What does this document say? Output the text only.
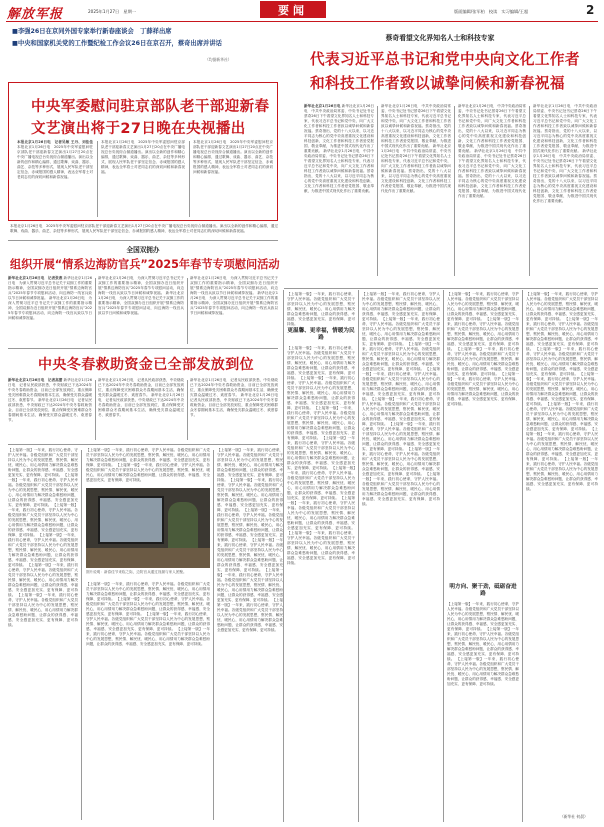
解放军报	2025年1月27日　星期一	要闻	版面编辑/张军柏　校读　实习编辑/王超	2
■李强26日在京同外国专家举行新春座谈会　丁薛祥出席
■中央和国家机关党的工作暨纪检工作会议26日在京召开，蔡奇出席并讲话
（均据新华社）
中央军委慰问驻京部队老干部迎新春
文艺演出将于27日晚在央视播出
本报北京1月26日电　记者吴敏 王丹、刘佳佳 本报北京1月26日电　2025年中央军委慰问驻京部队老干部迎新春文艺演出1月27日20点在中央广播电视总台央视综合频道播出。演出以全新的创作和精心编排，通过歌舞、戏曲、器乐、曲艺、杂技等多种形式，展现人民军队老干部坚定信念、赤诚报国的感人精神，表达全军将士对老同志们的深切问候和新春祝福。
本报北京1月26日电　2025年中央军委慰问驻京部队老干部迎新春文艺演出1月27日20点在中央广播电视总台央视综合频道播出。演出以全新的创作和精心编排，通过歌舞、戏曲、器乐、曲艺、杂技等多种形式，展现人民军队老干部坚定信念、赤诚报国的感人精神，表达全军将士对老同志们的深切问候和新春祝福。
本报北京1月26日电　2025年中央军委慰问驻京部队老干部迎新春文艺演出1月27日20点在中央广播电视总台央视综合频道播出。演出以全新的创作和精心编排，通过歌舞、戏曲、器乐、曲艺、杂技等多种形式，展现人民军队老干部坚定信念、赤诚报国的感人精神，表达全军将士对老同志们的深切问候和新春祝福。
蔡奇看望文化界知名人士和科技专家
代表习近平总书记和党中央向文化工作者
和科技工作者致以诚挚问候和新春祝福
新华社北京1月26日电 新华社北京1月26日电　中共中央政治局常委、中央书记处书记蔡奇26日下午看望文化界知名人士和科技专家，代表习近平总书记和党中央，向广大文化工作者和科技工作者致以诚挚问候和新春祝福。蔡奇指出，党的十八大以来，以习近平同志为核心的党中央高度重视文化建设和科技创新，文化工作者和科技工作者爱党报国、敬业奉献，为推进中国式现代化作出了重要贡献。 新华社北京1月26日电　中共中央政治局常委、中央书记处书记蔡奇26日下午看望文化界知名人士和科技专家，代表习近平总书记和党中央，向广大文化工作者和科技工作者致以诚挚问候和新春祝福。蔡奇指出，党的十八大以来，以习近平同志为核心的党中央高度重视文化建设和科技创新，文化工作者和科技工作者爱党报国、敬业奉献，为推进中国式现代化作出了重要贡献。
新华社北京1月26日电　中共中央政治局常委、中央书记处书记蔡奇26日下午看望文化界知名人士和科技专家，代表习近平总书记和党中央，向广大文化工作者和科技工作者致以诚挚问候和新春祝福。蔡奇指出，党的十八大以来，以习近平同志为核心的党中央高度重视文化建设和科技创新，文化工作者和科技工作者爱党报国、敬业奉献，为推进中国式现代化作出了重要贡献。 新华社北京1月26日电　中共中央政治局常委、中央书记处书记蔡奇26日下午看望文化界知名人士和科技专家，代表习近平总书记和党中央，向广大文化工作者和科技工作者致以诚挚问候和新春祝福。蔡奇指出，党的十八大以来，以习近平同志为核心的党中央高度重视文化建设和科技创新，文化工作者和科技工作者爱党报国、敬业奉献，为推进中国式现代化作出了重要贡献。
新华社北京1月26日电　中共中央政治局常委、中央书记处书记蔡奇26日下午看望文化界知名人士和科技专家，代表习近平总书记和党中央，向广大文化工作者和科技工作者致以诚挚问候和新春祝福。蔡奇指出，党的十八大以来，以习近平同志为核心的党中央高度重视文化建设和科技创新，文化工作者和科技工作者爱党报国、敬业奉献，为推进中国式现代化作出了重要贡献。 新华社北京1月26日电　中共中央政治局常委、中央书记处书记蔡奇26日下午看望文化界知名人士和科技专家，代表习近平总书记和党中央，向广大文化工作者和科技工作者致以诚挚问候和新春祝福。蔡奇指出，党的十八大以来，以习近平同志为核心的党中央高度重视文化建设和科技创新，文化工作者和科技工作者爱党报国、敬业奉献，为推进中国式现代化作出了重要贡献。
新华社北京1月26日电　中共中央政治局常委、中央书记处书记蔡奇26日下午看望文化界知名人士和科技专家，代表习近平总书记和党中央，向广大文化工作者和科技工作者致以诚挚问候和新春祝福。蔡奇指出，党的十八大以来，以习近平同志为核心的党中央高度重视文化建设和科技创新，文化工作者和科技工作者爱党报国、敬业奉献，为推进中国式现代化作出了重要贡献。 新华社北京1月26日电　中共中央政治局常委、中央书记处书记蔡奇26日下午看望文化界知名人士和科技专家，代表习近平总书记和党中央，向广大文化工作者和科技工作者致以诚挚问候和新春祝福。蔡奇指出，党的十八大以来，以习近平同志为核心的党中央高度重视文化建设和科技创新，文化工作者和科技工作者爱党报国、敬业奉献，为推进中国式现代化作出了重要贡献。
本报北京1月26日电　2025年中央军委慰问驻京部队老干部迎新春文艺演出1月27日20点在中央广播电视总台央视综合频道播出。演出以全新的创作和精心编排，通过歌舞、戏曲、器乐、曲艺、杂技等多种形式，展现人民军队老干部坚定信念、赤诚报国的感人精神，表达全军将士对老同志们的深切问候和新春祝福。
全国双拥办
组织开展“情系边海防官兵”2025年春节专项慰问活动
新华社北京1月26日电　记者张燕 新华社北京1月26日电　为深入贯彻习近平总书记关于双拥工作的重要指示精神，全国双拥办近日组织开展“情系边海防官兵”2025年春节专项慰问活动，向边海防一线官兵致以节日问候和诚挚祝福。 新华社北京1月26日电　为深入贯彻习近平总书记关于双拥工作的重要指示精神，全国双拥办近日组织开展“情系边海防官兵”2025年春节专项慰问活动，向边海防一线官兵致以节日问候和诚挚祝福。
新华社北京1月26日电　为深入贯彻习近平总书记关于双拥工作的重要指示精神，全国双拥办近日组织开展“情系边海防官兵”2025年春节专项慰问活动，向边海防一线官兵致以节日问候和诚挚祝福。 新华社北京1月26日电　为深入贯彻习近平总书记关于双拥工作的重要指示精神，全国双拥办近日组织开展“情系边海防官兵”2025年春节专项慰问活动，向边海防一线官兵致以节日问候和诚挚祝福。
新华社北京1月26日电　为深入贯彻习近平总书记关于双拥工作的重要指示精神，全国双拥办近日组织开展“情系边海防官兵”2025年春节专项慰问活动，向边海防一线官兵致以节日问候和诚挚祝福。 新华社北京1月26日电　为深入贯彻习近平总书记关于双拥工作的重要指示精神，全国双拥办近日组织开展“情系边海防官兵”2025年春节专项慰问活动，向边海防一线官兵致以节日问候和诚挚祝福。
中央冬春救助资金已全部发放到位
新华社北京1月26日电　记者高蕾 新华社北京1月26日电　记者从民政部获悉，中央财政已下达2024年中央冬春救助资金，目前已全部发放到位，重点保障受灾困难群众冬春期间基本生活，确保受灾群众温暖过冬、欢度春节。 新华社北京1月26日电　记者从民政部获悉，中央财政已下达2024年中央冬春救助资金，目前已全部发放到位，重点保障受灾困难群众冬春期间基本生活，确保受灾群众温暖过冬、欢度春节。
新华社北京1月26日电　记者从民政部获悉，中央财政已下达2024年中央冬春救助资金，目前已全部发放到位，重点保障受灾困难群众冬春期间基本生活，确保受灾群众温暖过冬、欢度春节。 新华社北京1月26日电　记者从民政部获悉，中央财政已下达2024年中央冬春救助资金，目前已全部发放到位，重点保障受灾困难群众冬春期间基本生活，确保受灾群众温暖过冬、欢度春节。
新华社北京1月26日电　记者从民政部获悉，中央财政已下达2024年中央冬春救助资金，目前已全部发放到位，重点保障受灾困难群众冬春期间基本生活，确保受灾群众温暖过冬、欢度春节。 新华社北京1月26日电　记者从民政部获悉，中央财政已下达2024年中央冬春救助资金，目前已全部发放到位，重点保障受灾困难群众冬春期间基本生活，确保受灾群众温暖过冬、欢度春节。
【上接第一版】一年来，践行初心使命，守护人民幸福。各级党组织和广大党员干部坚持以人民为中心的发展思想，察民情、解民忧、暖民心，用心用情用力解决群众急难愁盼问题，让群众的获得感、幸福感、安全感更加充实、更有保障、更可持续。 【上接第一版】一年来，践行初心使命，守护人民幸福。各级党组织和广大党员干部坚持以人民为中心的发展思想，察民情、解民忧、暖民心，用心用情用力解决群众急难愁盼问题，让群众的获得感、幸福感、安全感更加充实、更有保障、更可持续。 【上接第一版】一年来，践行初心使命，守护人民幸福。各级党组织和广大党员干部坚持以人民为中心的发展思想，察民情、解民忧、暖民心，用心用情用力解决群众急难愁盼问题，让群众的获得感、幸福感、安全感更加充实、更有保障、更可持续。 【上接第一版】一年来，践行初心使命，守护人民幸福。各级党组织和广大党员干部坚持以人民为中心的发展思想，察民情、解民忧、暖民心，用心用情用力解决群众急难愁盼问题，让群众的获得感、幸福感、安全感更加充实、更有保障、更可持续。 【上接第一版】一年来，践行初心使命，守护人民幸福。各级党组织和广大党员干部坚持以人民为中心的发展思想，察民情、解民忧、暖民心，用心用情用力解决群众急难愁盼问题，让群众的获得感、幸福感、安全感更加充实、更有保障、更可持续。 【上接第一版】一年来，践行初心使命，守护人民幸福。各级党组织和广大党员干部坚持以人民为中心的发展思想，察民情、解民忧、暖民心，用心用情用力解决群众急难愁盼问题，让群众的获得感、幸福感、安全感更加充实、更有保障、更可持续。
图片说明：新春佳节来临之际，边防官兵通过视频与家人团聚。
【上接第一版】一年来，践行初心使命，守护人民幸福。各级党组织和广大党员干部坚持以人民为中心的发展思想，察民情、解民忧、暖民心，用心用情用力解决群众急难愁盼问题，让群众的获得感、幸福感、安全感更加充实、更有保障、更可持续。 【上接第一版】一年来，践行初心使命，守护人民幸福。各级党组织和广大党员干部坚持以人民为中心的发展思想，察民情、解民忧、暖民心，用心用情用力解决群众急难愁盼问题，让群众的获得感、幸福感、安全感更加充实、更有保障、更可持续。
【上接第一版】一年来，践行初心使命，守护人民幸福。各级党组织和广大党员干部坚持以人民为中心的发展思想，察民情、解民忧、暖民心，用心用情用力解决群众急难愁盼问题，让群众的获得感、幸福感、安全感更加充实、更有保障、更可持续。 【上接第一版】一年来，践行初心使命，守护人民幸福。各级党组织和广大党员干部坚持以人民为中心的发展思想，察民情、解民忧、暖民心，用心用情用力解决群众急难愁盼问题，让群众的获得感、幸福感、安全感更加充实、更有保障、更可持续。 【上接第一版】一年来，践行初心使命，守护人民幸福。各级党组织和广大党员干部坚持以人民为中心的发展思想，察民情、解民忧、暖民心，用心用情用力解决群众急难愁盼问题，让群众的获得感、幸福感、安全感更加充实、更有保障、更可持续。 【上接第一版】一年来，践行初心使命，守护人民幸福。各级党组织和广大党员干部坚持以人民为中心的发展思想，察民情、解民忧、暖民心，用心用情用力解决群众急难愁盼问题，让群众的获得感、幸福感、安全感更加充实、更有保障、更可持续。 【上接第一版】一年来，践行初心使命，守护人民幸福。各级党组织和广大党员干部坚持以人民为中心的发展思想，察民情、解民忧、暖民心，用心用情用力解决群众急难愁盼问题，让群众的获得感、幸福感、安全感更加充实、更有保障、更可持续。 【上接第一版】一年来，践行初心使命，守护人民幸福。各级党组织和广大党员干部坚持以人民为中心的发展思想，察民情、解民忧、暖民心，用心用情用力解决群众急难愁盼问题，让群众的获得感、幸福感、安全感更加充实、更有保障、更可持续。
【上接第一版】一年来，践行初心使命，守护人民幸福。各级党组织和广大党员干部坚持以人民为中心的发展思想，察民情、解民忧、暖民心，用心用情用力解决群众急难愁盼问题，让群众的获得感、幸福感、安全感更加充实、更有保障、更可持续。 【上接第一版】一年来，践行初心使命，守护人民幸福。各级党组织和广大党员干部坚持以人民为中心的发展思想，察民情、解民忧、暖民心，用心用情用力解决群众急难愁盼问题，让群众的获得感、幸福感、安全感更加充实、更有保障、更可持续。 【上接第一版】一年来，践行初心使命，守护人民幸福。各级党组织和广大党员干部坚持以人民为中心的发展思想，察民情、解民忧、暖民心，用心用情用力解决群众急难愁盼问题，让群众的获得感、幸福感、安全感更加充实、更有保障、更可持续。 【上接第一版】一年来，践行初心使命，守护人民幸福。各级党组织和广大党员干部坚持以人民为中心的发展思想，察民情、解民忧、暖民心，用心用情用力解决群众急难愁盼问题，让群众的获得感、幸福感、安全感更加充实、更有保障、更可持续。
【上接第一版】一年来，践行初心使命，守护人民幸福。各级党组织和广大党员干部坚持以人民为中心的发展思想，察民情、解民忧、暖民心，用心用情用力解决群众急难愁盼问题，让群众的获得感、幸福感、安全感更加充实、更有保障、更可持续。
更温馨、更幸福，情暖为民路
【上接第一版】一年来，践行初心使命，守护人民幸福。各级党组织和广大党员干部坚持以人民为中心的发展思想，察民情、解民忧、暖民心，用心用情用力解决群众急难愁盼问题，让群众的获得感、幸福感、安全感更加充实、更有保障、更可持续。 【上接第一版】一年来，践行初心使命，守护人民幸福。各级党组织和广大党员干部坚持以人民为中心的发展思想，察民情、解民忧、暖民心，用心用情用力解决群众急难愁盼问题，让群众的获得感、幸福感、安全感更加充实、更有保障、更可持续。 【上接第一版】一年来，践行初心使命，守护人民幸福。各级党组织和广大党员干部坚持以人民为中心的发展思想，察民情、解民忧、暖民心，用心用情用力解决群众急难愁盼问题，让群众的获得感、幸福感、安全感更加充实、更有保障、更可持续。 【上接第一版】一年来，践行初心使命，守护人民幸福。各级党组织和广大党员干部坚持以人民为中心的发展思想，察民情、解民忧、暖民心，用心用情用力解决群众急难愁盼问题，让群众的获得感、幸福感、安全感更加充实、更有保障、更可持续。 【上接第一版】一年来，践行初心使命，守护人民幸福。各级党组织和广大党员干部坚持以人民为中心的发展思想，察民情、解民忧、暖民心，用心用情用力解决群众急难愁盼问题，让群众的获得感、幸福感、安全感更加充实、更有保障、更可持续。 【上接第一版】一年来，践行初心使命，守护人民幸福。各级党组织和广大党员干部坚持以人民为中心的发展思想，察民情、解民忧、暖民心，用心用情用力解决群众急难愁盼问题，让群众的获得感、幸福感、安全感更加充实、更有保障、更可持续。 【上接第一版】一年来，践行初心使命，守护人民幸福。各级党组织和广大党员干部坚持以人民为中心的发展思想，察民情、解民忧、暖民心，用心用情用力解决群众急难愁盼问题，让群众的获得感、幸福感、安全感更加充实、更有保障、更可持续。
【上接第一版】一年来，践行初心使命，守护人民幸福。各级党组织和广大党员干部坚持以人民为中心的发展思想，察民情、解民忧、暖民心，用心用情用力解决群众急难愁盼问题，让群众的获得感、幸福感、安全感更加充实、更有保障、更可持续。 【上接第一版】一年来，践行初心使命，守护人民幸福。各级党组织和广大党员干部坚持以人民为中心的发展思想，察民情、解民忧、暖民心，用心用情用力解决群众急难愁盼问题，让群众的获得感、幸福感、安全感更加充实、更有保障、更可持续。 【上接第一版】一年来，践行初心使命，守护人民幸福。各级党组织和广大党员干部坚持以人民为中心的发展思想，察民情、解民忧、暖民心，用心用情用力解决群众急难愁盼问题，让群众的获得感、幸福感、安全感更加充实、更有保障、更可持续。 【上接第一版】一年来，践行初心使命，守护人民幸福。各级党组织和广大党员干部坚持以人民为中心的发展思想，察民情、解民忧、暖民心，用心用情用力解决群众急难愁盼问题，让群众的获得感、幸福感、安全感更加充实、更有保障、更可持续。 【上接第一版】一年来，践行初心使命，守护人民幸福。各级党组织和广大党员干部坚持以人民为中心的发展思想，察民情、解民忧、暖民心，用心用情用力解决群众急难愁盼问题，让群众的获得感、幸福感、安全感更加充实、更有保障、更可持续。 【上接第一版】一年来，践行初心使命，守护人民幸福。各级党组织和广大党员干部坚持以人民为中心的发展思想，察民情、解民忧、暖民心，用心用情用力解决群众急难愁盼问题，让群众的获得感、幸福感、安全感更加充实、更有保障、更可持续。 【上接第一版】一年来，践行初心使命，守护人民幸福。各级党组织和广大党员干部坚持以人民为中心的发展思想，察民情、解民忧、暖民心，用心用情用力解决群众急难愁盼问题，让群众的获得感、幸福感、安全感更加充实、更有保障、更可持续。 【上接第一版】一年来，践行初心使命，守护人民幸福。各级党组织和广大党员干部坚持以人民为中心的发展思想，察民情、解民忧、暖民心，用心用情用力解决群众急难愁盼问题，让群众的获得感、幸福感、安全感更加充实、更有保障、更可持续。
【上接第一版】一年来，践行初心使命，守护人民幸福。各级党组织和广大党员干部坚持以人民为中心的发展思想，察民情、解民忧、暖民心，用心用情用力解决群众急难愁盼问题，让群众的获得感、幸福感、安全感更加充实、更有保障、更可持续。 【上接第一版】一年来，践行初心使命，守护人民幸福。各级党组织和广大党员干部坚持以人民为中心的发展思想，察民情、解民忧、暖民心，用心用情用力解决群众急难愁盼问题，让群众的获得感、幸福感、安全感更加充实、更有保障、更可持续。 【上接第一版】一年来，践行初心使命，守护人民幸福。各级党组织和广大党员干部坚持以人民为中心的发展思想，察民情、解民忧、暖民心，用心用情用力解决群众急难愁盼问题，让群众的获得感、幸福感、安全感更加充实、更有保障、更可持续。 【上接第一版】一年来，践行初心使命，守护人民幸福。各级党组织和广大党员干部坚持以人民为中心的发展思想，察民情、解民忧、暖民心，用心用情用力解决群众急难愁盼问题，让群众的获得感、幸福感、安全感更加充实、更有保障、更可持续。
明方向、聚干劲，砥砺奋进路
【上接第一版】一年来，践行初心使命，守护人民幸福。各级党组织和广大党员干部坚持以人民为中心的发展思想，察民情、解民忧、暖民心，用心用情用力解决群众急难愁盼问题，让群众的获得感、幸福感、安全感更加充实、更有保障、更可持续。 【上接第一版】一年来，践行初心使命，守护人民幸福。各级党组织和广大党员干部坚持以人民为中心的发展思想，察民情、解民忧、暖民心，用心用情用力解决群众急难愁盼问题，让群众的获得感、幸福感、安全感更加充实、更有保障、更可持续。 【上接第一版】一年来，践行初心使命，守护人民幸福。各级党组织和广大党员干部坚持以人民为中心的发展思想，察民情、解民忧、暖民心，用心用情用力解决群众急难愁盼问题，让群众的获得感、幸福感、安全感更加充实、更有保障、更可持续。
【上接第一版】一年来，践行初心使命，守护人民幸福。各级党组织和广大党员干部坚持以人民为中心的发展思想，察民情、解民忧、暖民心，用心用情用力解决群众急难愁盼问题，让群众的获得感、幸福感、安全感更加充实、更有保障、更可持续。 【上接第一版】一年来，践行初心使命，守护人民幸福。各级党组织和广大党员干部坚持以人民为中心的发展思想，察民情、解民忧、暖民心，用心用情用力解决群众急难愁盼问题，让群众的获得感、幸福感、安全感更加充实、更有保障、更可持续。 【上接第一版】一年来，践行初心使命，守护人民幸福。各级党组织和广大党员干部坚持以人民为中心的发展思想，察民情、解民忧、暖民心，用心用情用力解决群众急难愁盼问题，让群众的获得感、幸福感、安全感更加充实、更有保障、更可持续。 【上接第一版】一年来，践行初心使命，守护人民幸福。各级党组织和广大党员干部坚持以人民为中心的发展思想，察民情、解民忧、暖民心，用心用情用力解决群众急难愁盼问题，让群众的获得感、幸福感、安全感更加充实、更有保障、更可持续。 【上接第一版】一年来，践行初心使命，守护人民幸福。各级党组织和广大党员干部坚持以人民为中心的发展思想，察民情、解民忧、暖民心，用心用情用力解决群众急难愁盼问题，让群众的获得感、幸福感、安全感更加充实、更有保障、更可持续。 【上接第一版】一年来，践行初心使命，守护人民幸福。各级党组织和广大党员干部坚持以人民为中心的发展思想，察民情、解民忧、暖民心，用心用情用力解决群众急难愁盼问题，让群众的获得感、幸福感、安全感更加充实、更有保障、更可持续。 【上接第一版】一年来，践行初心使命，守护人民幸福。各级党组织和广大党员干部坚持以人民为中心的发展思想，察民情、解民忧、暖民心，用心用情用力解决群众急难愁盼问题，让群众的获得感、幸福感、安全感更加充实、更有保障、更可持续。
（新华社 何晨）
